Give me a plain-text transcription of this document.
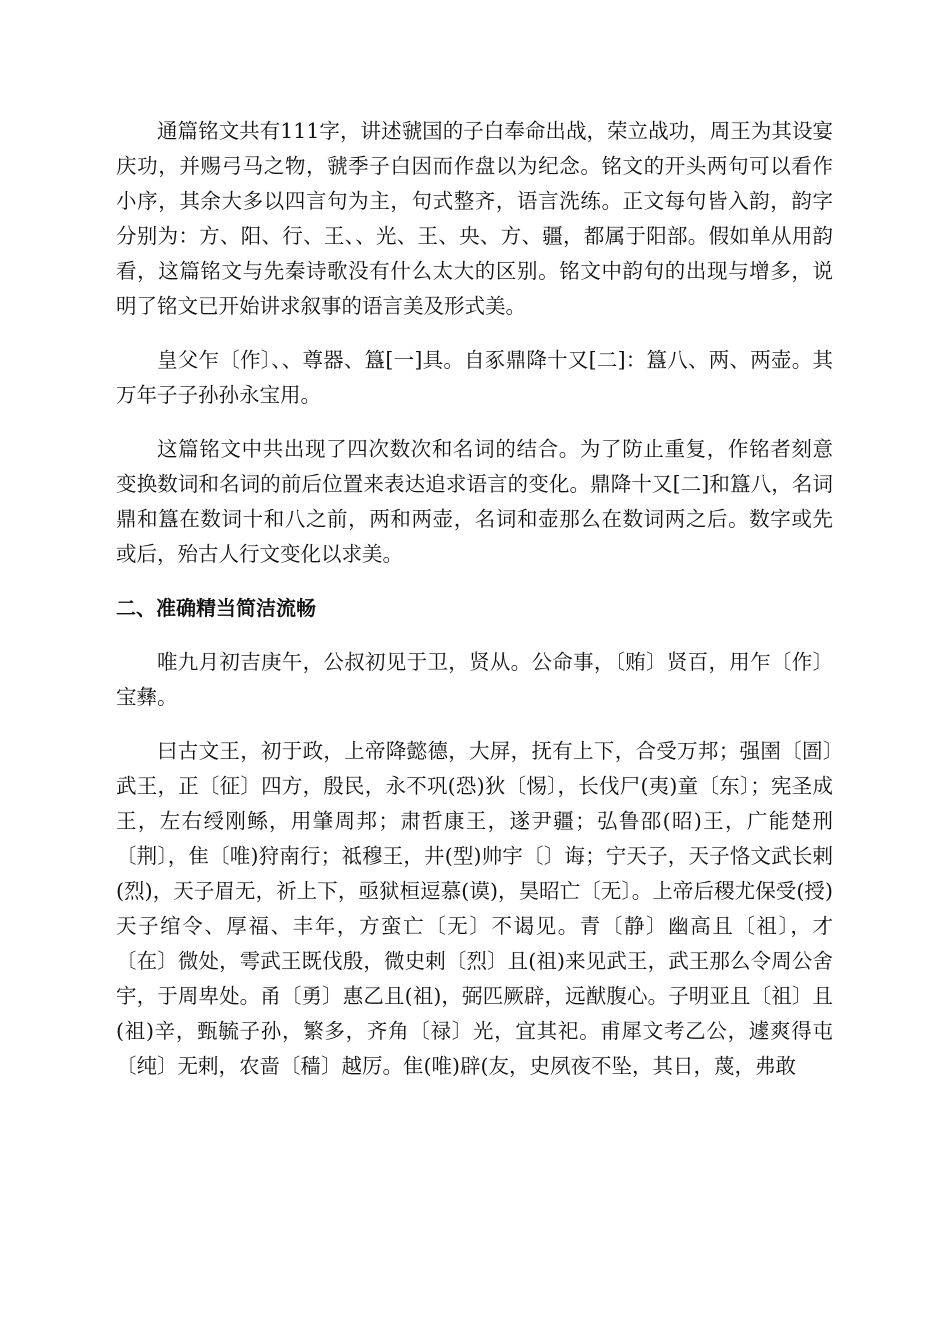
通篇铭文共有111字，讲述虢国的子白奉命出战，荣立战功，周王为其设宴庆功，并赐弓马之物，虢季子白因而作盘以为纪念。铭文的开头两句可以看作小序，其余大多以四言句为主，句式整齐，语言洗练。正文每句皆入韵，韵字分别为：方、阳、行、王、、光、王、央、方、疆，都属于阳部。假如单从用韵看，这篇铭文与先秦诗歌没有什么太大的区别。铭文中韵句的出现与增多，说明了铭文已开始讲求叙事的语言美及形式美。

皇父乍〔作〕、、尊器、簋[一]具。自豖鼎降十又[二]：簋八、两、两壶。其万年子子孙孙永宝用。

这篇铭文中共出现了四次数次和名词的结合。为了防止重复，作铭者刻意变换数词和名词的前后位置来表达追求语言的变化。鼎降十又[二]和簋八，名词鼎和簋在数词十和八之前，两和两壶，名词和壶那么在数词两之后。数字或先或后，殆古人行文变化以求美。

二、准确精当简洁流畅

唯九月初吉庚午，公叔初见于卫，贤从。公命事，〔贿〕贤百，用乍〔作〕宝彝。

曰古文王，初于政，上帝降懿德，大屏，抚有上下，合受万邦；强圉〔圄〕武王，正〔征〕四方，殷民，永不巩(恐)狄〔惕〕，长伐尸(夷)童〔东〕；宪圣成王，左右绶刚鲧，用肇周邦；肃哲康王，遂尹疆；弘鲁邵(昭)王，广能楚刑〔荆〕，隹〔唯)狩南行；祗穆王，井(型)帅宇〔〕诲；宁天子，天子恪文武长剌(烈)，天子眉无，祈上下，亟狱桓逗慕(谟)，昊昭亡〔无〕。上帝后稷尤保受(授)天子绾令、厚福、丰年，方蛮亡〔无〕不谒见。青〔静〕幽高且〔祖〕，才〔在〕微处，雩武王既伐殷，微史剌〔烈〕且(祖)来见武王，武王那么令周公舍宇，于周卑处。甬〔勇〕惠乙且(祖)，弼匹厥辟，远猷腹心。子明亚且〔祖〕且(祖)辛，甄毓子孙，繁多，齐角〔禄〕光，宜其祀。甫犀文考乙公，遽爽得屯〔纯〕无剌，农啬〔穑〕越厉。隹(唯)辟(友，史夙夜不坠，其日，蔑，弗敢
